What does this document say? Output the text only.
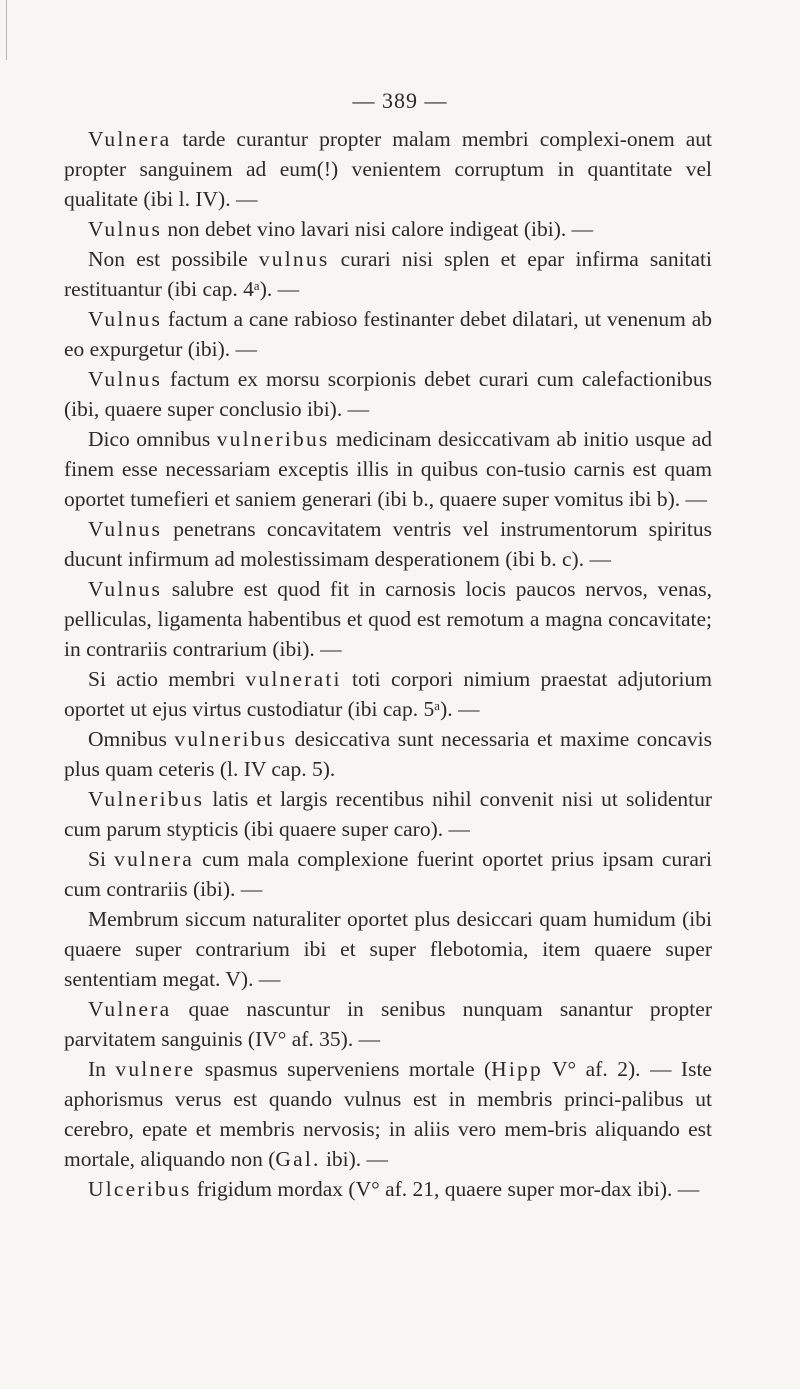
— 389 —

Vulnera tarde curantur propter malam membri complexi-onem aut propter sanguinem ad eum(!) venientem corruptum in quantitate vel qualitate (ibi l. IV). —

Vulnus non debet vino lavari nisi calore indigeat (ibi). —

Non est possibile vulnus curari nisi splen et epar infirma sanitati restituantur (ibi cap. 4ᵃ). —

Vulnus factum a cane rabioso festinanter debet dilatari, ut venenum ab eo expurgetur (ibi). —

Vulnus factum ex morsu scorpionis debet curari cum calefactionibus (ibi, quaere super conclusio ibi). —

Dico omnibus vulneribus medicinam desiccativam ab initio usque ad finem esse necessariam exceptis illis in quibus con-tusio carnis est quam oportet tumefieri et saniem generari (ibi b., quaere super vomitus ibi b). —

Vulnus penetrans concavitatem ventris vel instrumentorum spiritus ducunt infirmum ad molestissimam desperationem (ibi b. c). —

Vulnus salubre est quod fit in carnosis locis paucos nervos, venas, pelliculas, ligamenta habentibus et quod est remotum a magna concavitate; in contrariis contrarium (ibi). —

Si actio membri vulnerati toti corpori nimium praestat adjutorium oportet ut ejus virtus custodiatur (ibi cap. 5ᵃ). —

Omnibus vulneribus desiccativa sunt necessaria et maxime concavis plus quam ceteris (l. IV cap. 5).

Vulneribus latis et largis recentibus nihil convenit nisi ut solidentur cum parum stypticis (ibi quaere super caro). —

Si vulnera cum mala complexione fuerint oportet prius ipsam curari cum contrariis (ibi). —

Membrum siccum naturaliter oportet plus desiccari quam humidum (ibi quaere super contrarium ibi et super flebotomia, item quaere super sententiam megat. V). —

Vulnera quae nascuntur in senibus nunquam sanantur propter parvitatem sanguinis (IV° af. 35). —

In vulnere spasmus superveniens mortale (Hipp V° af. 2). — Iste aphorismus verus est quando vulnus est in membris princi-palibus ut cerebro, epate et membris nervosis; in aliis vero mem-bris aliquando est mortale, aliquando non (Gal. ibi). —

Ulceribus frigidum mordax (V° af. 21, quaere super mor-dax ibi). —
